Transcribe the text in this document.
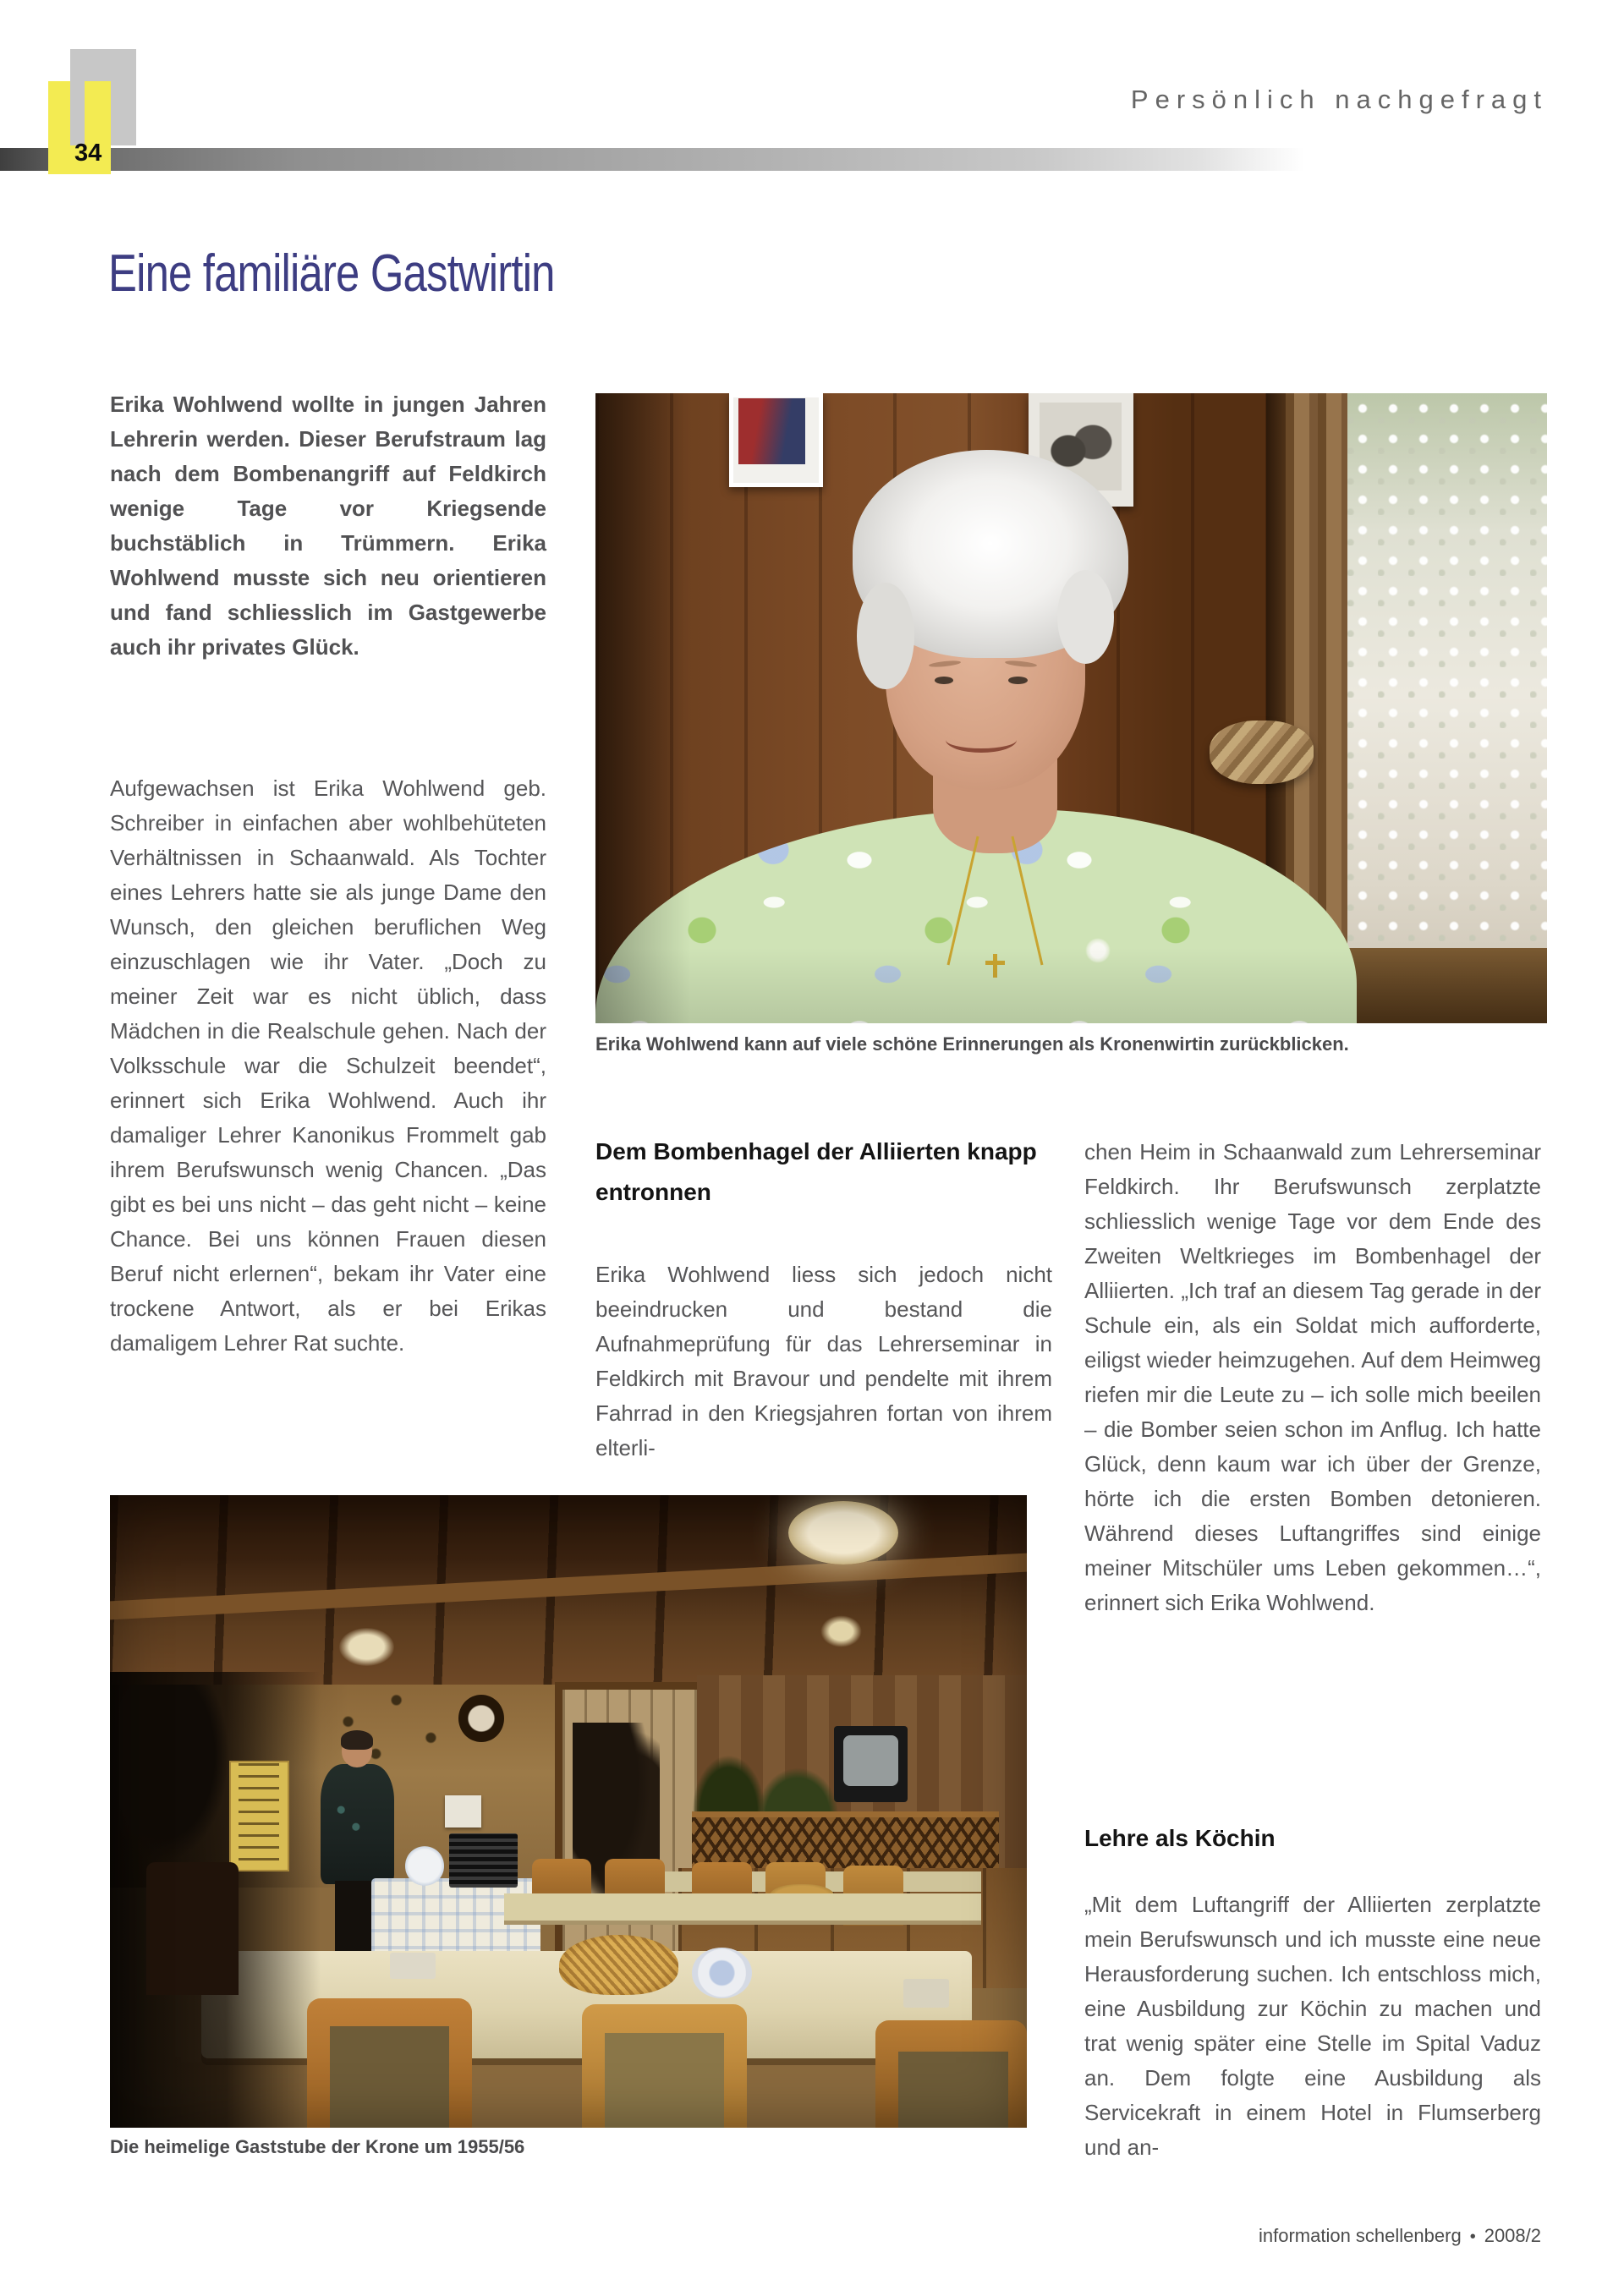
34
Persönlich nachgefragt
Eine familiäre Gastwirtin

Erika Wohlwend wollte in jungen Jahren Lehrerin werden. Dieser Berufstraum lag nach dem Bombenangriff auf Feldkirch wenige Tage vor Kriegsende buchstäblich in Trümmern. Erika Wohlwend musste sich neu orientieren und fand schliesslich im Gastgewerbe auch ihr privates Glück.

Aufgewachsen ist Erika Wohlwend geb. Schreiber in einfachen aber wohlbehüteten Verhältnissen in Schaanwald. Als Tochter eines Lehrers hatte sie als junge Dame den Wunsch, den gleichen beruflichen Weg einzuschlagen wie ihr Vater. „Doch zu meiner Zeit war es nicht üblich, dass Mädchen in die Realschule gehen. Nach der Volksschule war die Schulzeit beendet“, erinnert sich Erika Wohlwend. Auch ihr damaliger Lehrer Kanonikus Frommelt gab ihrem Berufswunsch wenig Chancen. „Das gibt es bei uns nicht – das geht nicht – keine Chance. Bei uns können Frauen diesen Beruf nicht erlernen“, bekam ihr Vater eine trockene Antwort, als er bei Erikas damaligem Lehrer Rat suchte.

Erika Wohlwend kann auf viele schöne Erinnerungen als Kronenwirtin zurückblicken.
Dem Bombenhagel der Alliierten knapp entronnen

Erika Wohlwend liess sich jedoch nicht beeindrucken und bestand die Aufnahmeprüfung für das Lehrerseminar in Feldkirch mit Bravour und pendelte mit ihrem Fahrrad in den Kriegsjahren fortan von ihrem elterli-

chen Heim in Schaanwald zum Lehrerseminar Feldkirch. Ihr Berufswunsch zerplatzte schliesslich wenige Tage vor dem Ende des Zweiten Weltkrieges im Bombenhagel der Alliierten. „Ich traf an diesem Tag gerade in der Schule ein, als ein Soldat mich aufforderte, eiligst wieder heimzugehen. Auf dem Heimweg riefen mir die Leute zu – ich solle mich beeilen – die Bomber seien schon im Anflug. Ich hatte Glück, denn kaum war ich über der Grenze, hörte ich die ersten Bomben detonieren. Während dieses Luftangriffes sind einige meiner Mitschüler ums Leben gekommen…“, erinnert sich Erika Wohlwend.

Lehre als Köchin

„Mit dem Luftangriff der Alliierten zerplatzte mein Berufswunsch und ich musste eine neue Herausforderung suchen. Ich entschloss mich, eine Ausbildung zur Köchin zu machen und trat wenig später eine Stelle im Spital Vaduz an. Dem folgte eine Ausbildung als Servicekraft in einem Hotel in Flumserberg und an-

Die heimelige Gaststube der Krone um 1955/56
information schellenberg • 2008/2
